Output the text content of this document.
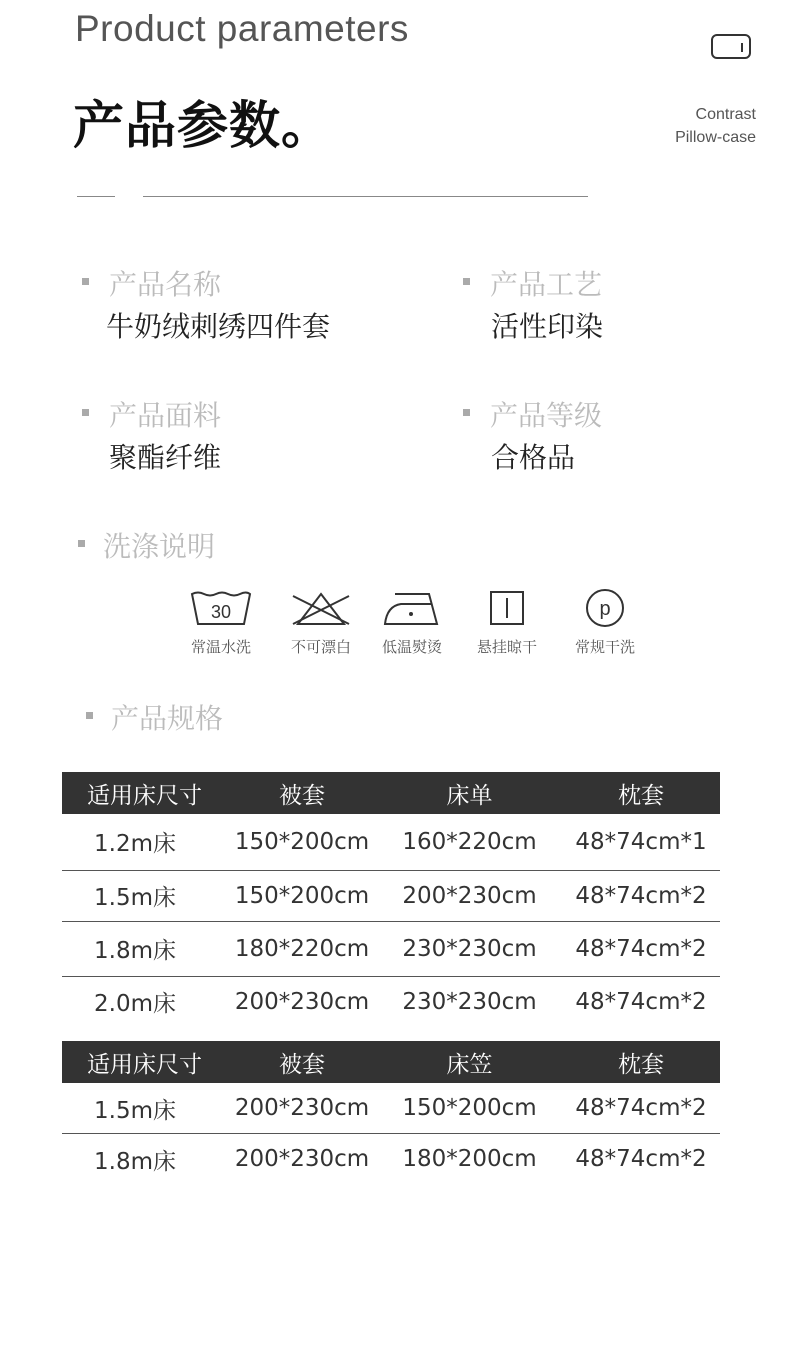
Product parameters
产品参数。	Contrast
Pillow-case
产品名称
牛奶绒刺绣四件套
产品工艺
活性印染
产品面料
聚酯纤维
产品等级
合格品
洗涤说明
30
常温水洗	不可漂白	低温熨烫	悬挂晾干
p
常规干洗
产品规格
适用床尺寸	被套	床单	枕套
1.2m床	150*200cm	160*220cm	48*74cm*1
1.5m床	150*200cm	200*230cm	48*74cm*2
1.8m床	180*220cm	230*230cm	48*74cm*2
2.0m床	200*230cm	230*230cm	48*74cm*2
适用床尺寸	被套	床笠	枕套
1.5m床	200*230cm	150*200cm	48*74cm*2
1.8m床	200*230cm	180*200cm	48*74cm*2
